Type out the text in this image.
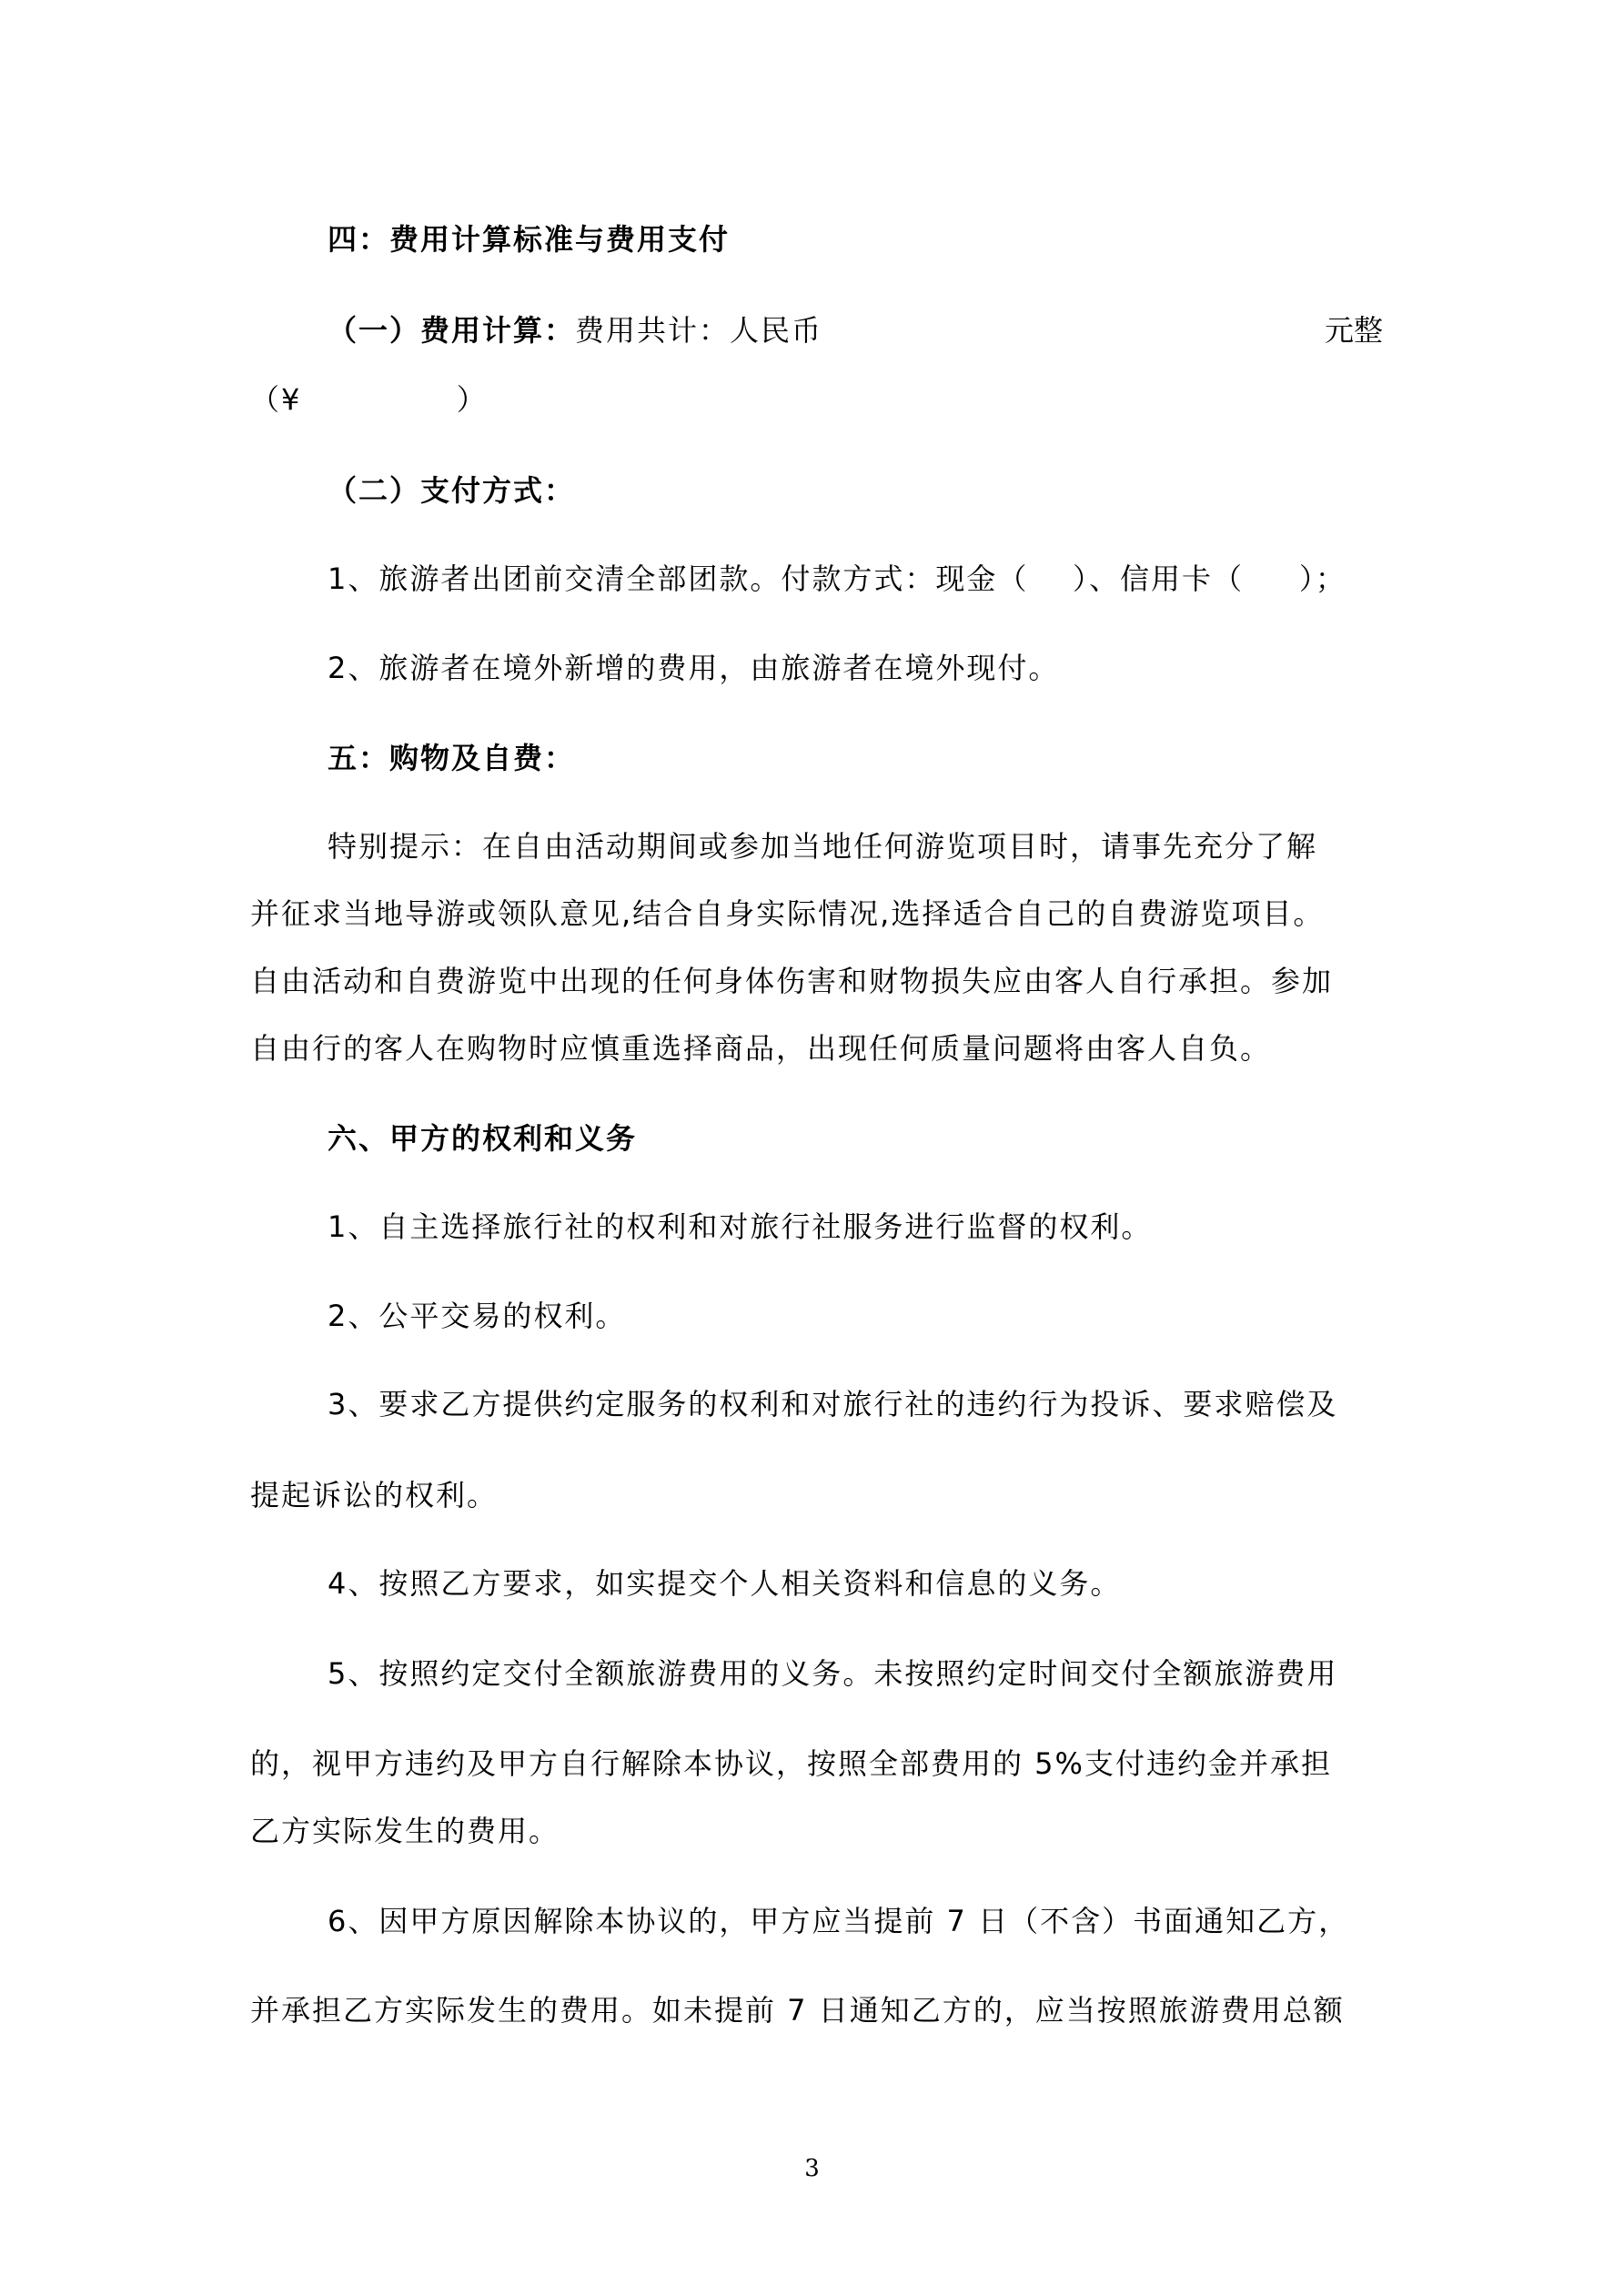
四：费用计算标准与费用支付
（一）费用计算：费用共计：人民币	元整
（¥              ）
（二）支付方式：
1、旅游者出团前交清全部团款。付款方式：现金（    ）、信用卡（     ）；
2、旅游者在境外新增的费用，由旅游者在境外现付。
五：购物及自费：
特别提示：在自由活动期间或参加当地任何游览项目时，请事先充分了解
并征求当地导游或领队意见,结合自身实际情况,选择适合自己的自费游览项目。
自由活动和自费游览中出现的任何身体伤害和财物损失应由客人自行承担。参加
自由行的客人在购物时应慎重选择商品，出现任何质量问题将由客人自负。
六、甲方的权利和义务
1、自主选择旅行社的权利和对旅行社服务进行监督的权利。
2、公平交易的权利。
3、要求乙方提供约定服务的权利和对旅行社的违约行为投诉、要求赔偿及
提起诉讼的权利。
4、按照乙方要求，如实提交个人相关资料和信息的义务。
5、按照约定交付全额旅游费用的义务。未按照约定时间交付全额旅游费用
的，视甲方违约及甲方自行解除本协议，按照全部费用的 5%支付违约金并承担
乙方实际发生的费用。
6、因甲方原因解除本协议的，甲方应当提前 7 日（不含）书面通知乙方，
并承担乙方实际发生的费用。如未提前 7 日通知乙方的，应当按照旅游费用总额
3
